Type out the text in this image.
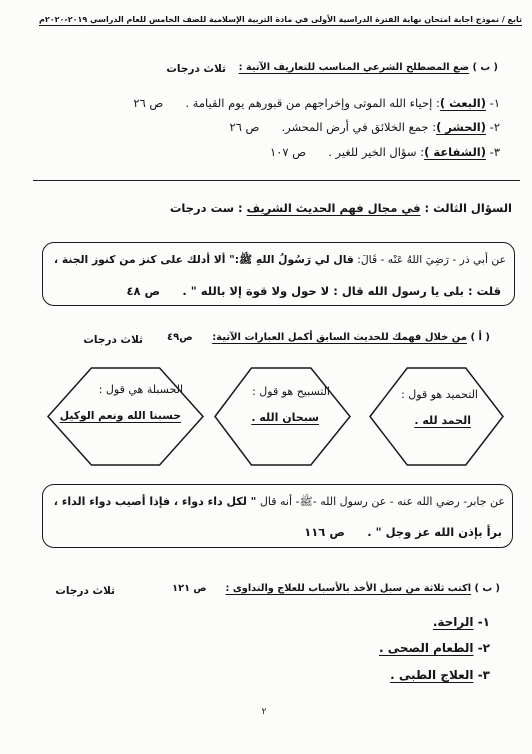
تابع / نموذج اجابة امتحان نهاية الفترة الدراسية الأولى في مادة التربية الإسلامية للصف الخامس للعام الدراسي ٢٠١٩-٢٠٢٠م
( ب ) ضع المصطلح الشرعي المناسب للتعاريف الآتية :
ثلاث درجات
١- (البعث ): إحياء الله الموتى وإخراجهم من قبورهم يوم القيامة . ص ٢٦
٢- (الحشر ): جمع الخلائق في أرض المحشر. ص ٢٦
٣- (الشفاعة ): سؤال الخير للغير . ص ١٠٧
السؤال الثالث : في مجال فهم الحديث الشريف : ست درجات
عن أبي ذر - رَضِيَ اللهُ عَنْه - قَالَ: قال لي رَسُولُ اللهِ ﷺ:" ألا أدلك على كنز من كنوز الجنة ،
قلت : بلى يا رسول الله قال : لا حول ولا قوة إلا بالله " . ص ٤٨
( أ ) من خلال فهمك للحديث السابق أكمل العبارات الآتية: ص٤٩
ثلاث درجات
التحميد هو قول :
الحمد لله .
التسبيح هو قول :
سبحان الله .
الحسبلة هي قول :
حسبنا الله ونعم الوكيل
عن جابر- رضي الله عنه - عن رسول الله -ﷺ- أنه قال " لكل داء دواء ، فإذا أصيب دواء الداء ،
برأ بإذن الله عز وجل " . ص ١١٦
( ب ) اكتب ثلاثة من سبل الأخذ بالأسباب للعلاج والتداوى : ص ١٢١
ثلاث درجات
١- الراحة.
٢- الطعام الصحى .
٣- العلاج الطبى .
٢
